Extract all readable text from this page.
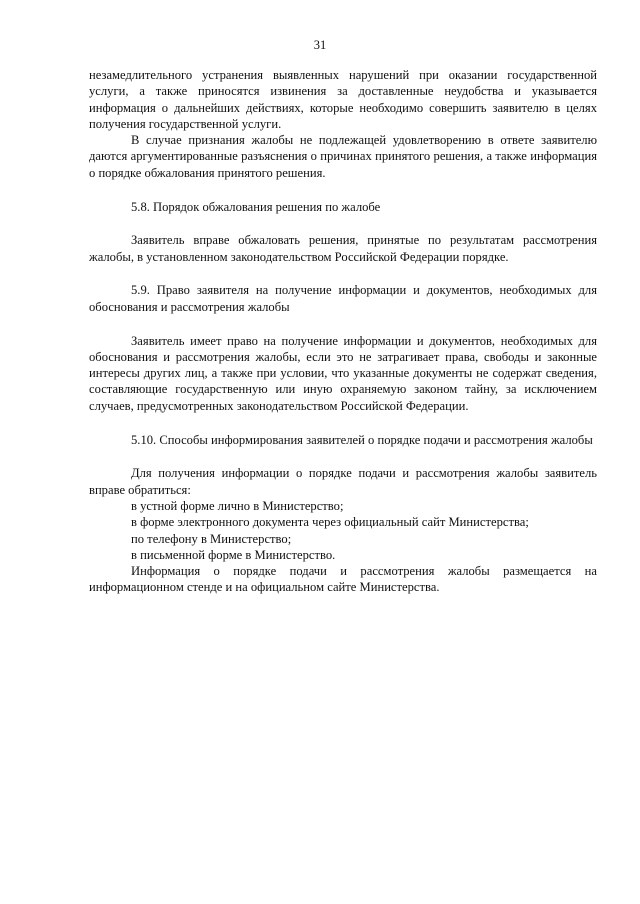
31

незамедлительного устранения выявленных нарушений при оказании государственной услуги, а также приносятся извинения за доставленные неудобства и указывается информация о дальнейших действиях, которые необходимо совершить заявителю в целях получения государственной услуги.

В случае признания жалобы не подлежащей удовлетворению в ответе заявителю даются аргументированные разъяснения о причинах принятого решения, а также информация о порядке обжалования принятого решения.

5.8. Порядок обжалования решения по жалобе

Заявитель вправе обжаловать решения, принятые по результатам рассмотрения жалобы, в установленном законодательством Российской Федерации порядке.

5.9. Право заявителя на получение информации и документов, необходимых для обоснования и рассмотрения жалобы

Заявитель имеет право на получение информации и документов, необходимых для обоснования и рассмотрения жалобы, если это не затрагивает права, свободы и законные интересы других лиц, а также при условии, что указанные документы не содержат сведения, составляющие государственную или иную охраняемую законом тайну, за исключением случаев, предусмотренных законодательством Российской Федерации.

5.10. Способы информирования заявителей о порядке подачи и рассмотрения жалобы

Для получения информации о порядке подачи и рассмотрения жалобы заявитель вправе обратиться:

в устной форме лично в Министерство;

в форме электронного документа через официальный сайт Министерства;

по телефону в Министерство;

в письменной форме в Министерство.

Информация о порядке подачи и рассмотрения жалобы размещается на информационном стенде и на официальном сайте Министерства.
